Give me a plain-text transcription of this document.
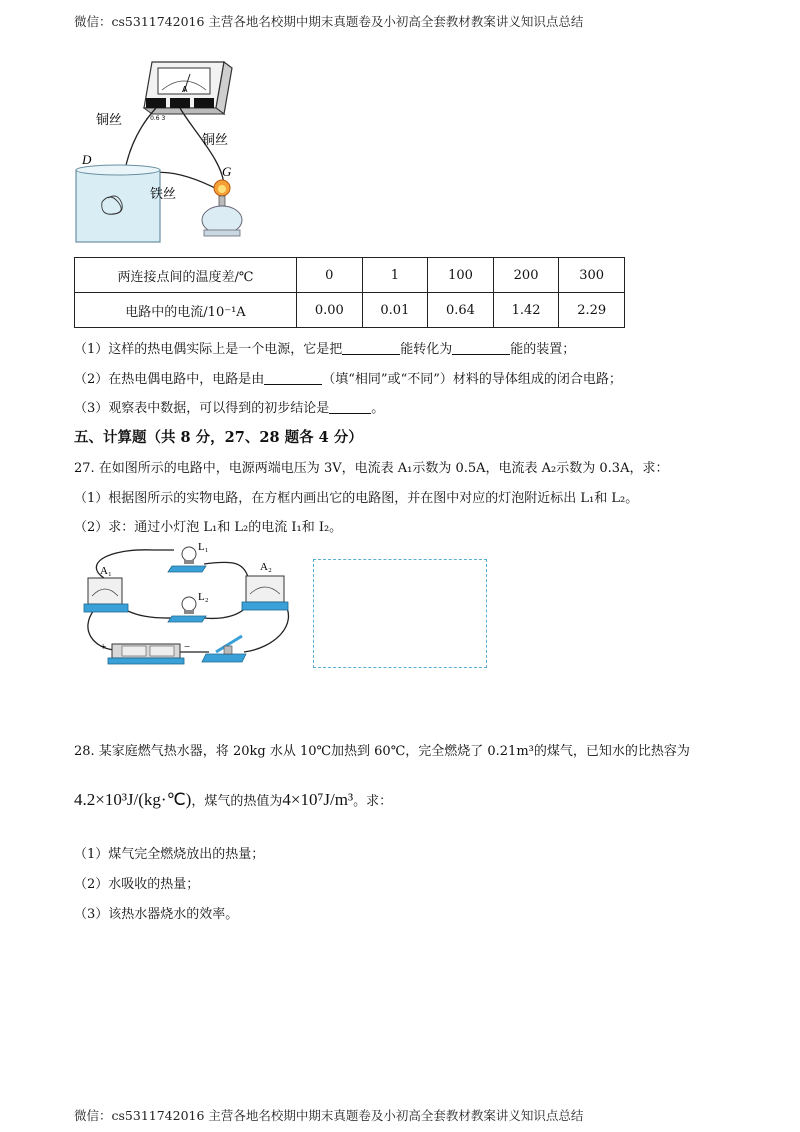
微信：cs5311742016 主营各地名校期中期末真题卷及小初高全套教材教案讲义知识点总结
A
- 0.6 3
铜丝
铜丝
铁丝
D
G
两连接点间的温度差/℃	0	1	100	200	300
电路中的电流/10⁻¹A	0.00	0.01	0.64	1.42	2.29
（1）这样的热电偶实际上是一个电源，它是把	能转化为	能的装置；
（2）在热电偶电路中，电路是由	（填“相同”或“不同”）材料的导体组成的闭合电路；
（3）观察表中数据，可以得到的初步结论是	。
五、计算题（共 8 分，27、28 题各 4 分）
27. 在如图所示的电路中，电源两端电压为 3V，电流表 A₁示数为 0.5A，电流表 A₂示数为 0.3A，求：
（1）根据图所示的实物电路，在方框内画出它的电路图，并在图中对应的灯泡附近标出 L₁和 L₂。
（2）求：通过小灯泡 L₁和 L₂的电流 I₁和 I₂。
A₁	A₂
L₁
L₂
+	−
28. 某家庭燃气热水器，将 20kg 水从 10℃加热到 60℃，完全燃烧了 0.21m³的煤气，已知水的比热容为
4.2×10³J/(kg·℃)，煤气的热值为4×10⁷J/m³。求：
（1）煤气完全燃烧放出的热量；
（2）水吸收的热量；
（3）该热水器烧水的效率。
微信：cs5311742016 主营各地名校期中期末真题卷及小初高全套教材教案讲义知识点总结
